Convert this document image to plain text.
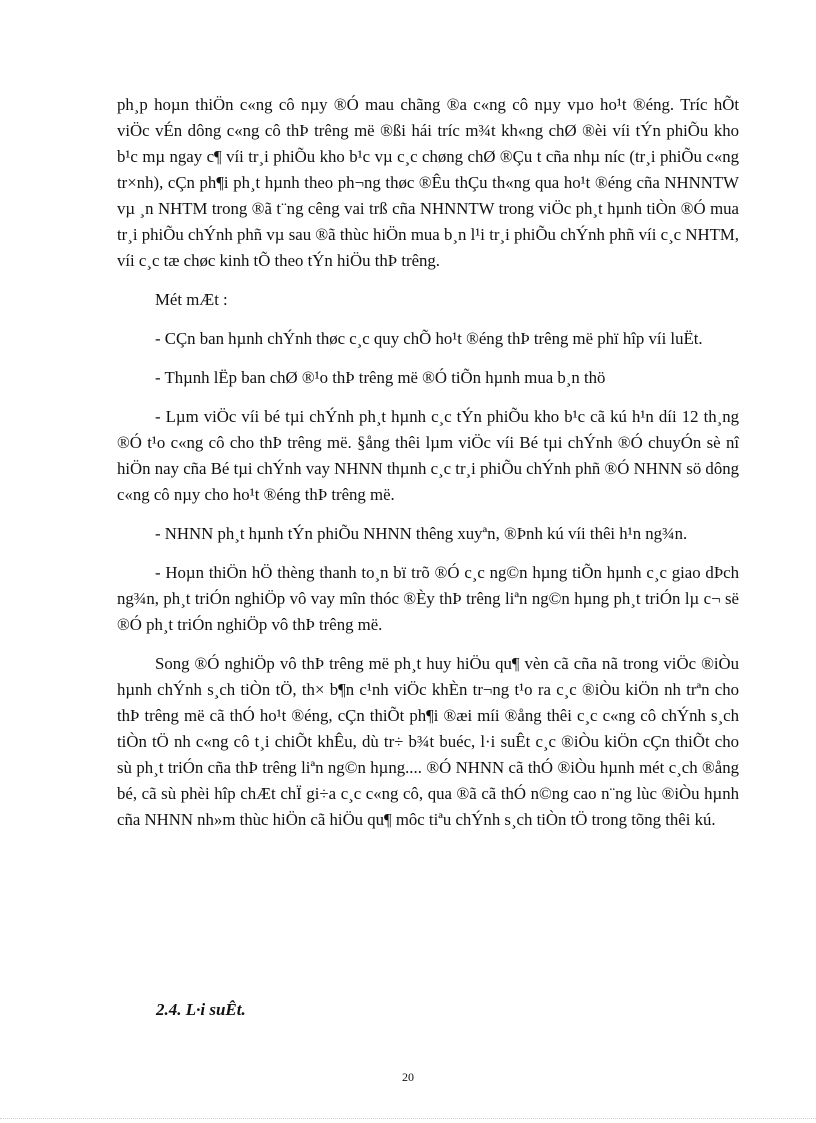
ph¸p hoµn thiÖn c«ng cô nµy ®Ó mau chãng ®a c«ng cô nµy vµo ho¹t ®éng. Tríc hÕt viÖc vÉn dông c«ng cô thÞ trêng më ®ßi hái tríc m¾t kh«ng chØ ®èi víi tÝn phiÕu kho b¹c mµ ngay c¶ víi tr¸i phiÕu kho b¹c vµ c¸c chøng chØ ®Çu t cña nhµ níc (tr¸i phiÕu c«ng tr×nh), cÇn ph¶i ph¸t hµnh theo ph¬ng thøc ®Êu thÇu th«ng qua ho¹t ®éng cña NHNNTW vµ ¸n NHTM trong ®ã t¨ng cêng vai trß cña NHNNTW trong viÖc ph¸t hµnh tiÒn ®Ó mua tr¸i phiÕu chÝnh phñ vµ sau ®ã thùc hiÖn mua b¸n l¹i tr¸i phiÕu chÝnh phñ víi c¸c NHTM, víi c¸c tæ chøc kinh tÕ theo tÝn hiÖu thÞ trêng.

Mét mÆt :

- CÇn ban hµnh chÝnh thøc c¸c quy chÕ ho¹t ®éng thÞ trêng më phï hîp víi luËt.

- Thµnh lËp ban chØ ®¹o thÞ trêng më ®Ó tiÕn hµnh mua b¸n thö

- Lµm viÖc víi bé tµi chÝnh ph¸t hµnh c¸c tÝn phiÕu kho b¹c cã kú h¹n díi 12 th¸ng ®Ó t¹o c«ng cô cho thÞ trêng më. §ång thêi lµm viÖc víi Bé tµi chÝnh ®Ó chuyÓn sè nî hiÖn nay cña Bé tµi chÝnh vay NHNN thµnh c¸c tr¸i phiÕu chÝnh phñ ®Ó NHNN sö dông c«ng cô nµy cho ho¹t ®éng thÞ trêng më.

- NHNN ph¸t hµnh tÝn phiÕu NHNN thêng xuyªn, ®Þnh kú víi thêi h¹n ng¾n.

- Hoµn thiÖn hÖ thèng thanh to¸n bï trõ ®Ó c¸c ng©n hµng tiÕn hµnh c¸c giao dÞch ng¾n, ph¸t triÓn nghiÖp vô vay mîn thóc ®Èy thÞ trêng liªn ng©n hµng ph¸t triÓn lµ c¬ së ®Ó ph¸t triÓn nghiÖp vô thÞ trêng më.

Song ®Ó nghiÖp vô thÞ trêng më ph¸t huy hiÖu qu¶ vèn cã cña nã trong viÖc ®iÒu hµnh chÝnh s¸ch tiÒn tÖ, th× b¶n c¹nh viÖc khÈn tr¬ng t¹o ra c¸c ®iÒu kiÖn nh trªn cho thÞ trêng më cã thÓ ho¹t ®éng, cÇn thiÕt ph¶i ®æi míi ®ång thêi c¸c c«ng cô chÝnh s¸ch tiÒn tÖ nh c«ng cô t¸i chiÕt khÊu, dù tr÷ b¾t buéc, l·i suÊt c¸c ®iÒu kiÖn cÇn thiÕt cho sù ph¸t triÓn cña thÞ trêng liªn ng©n hµng.... ®Ó NHNN cã thÓ ®iÒu hµnh mét c¸ch ®ång bé, cã sù phèi hîp chÆt chÏ gi÷a c¸c c«ng cô, qua ®ã cã thÓ n©ng cao n¨ng lùc ®iÒu hµnh cña NHNN nh»m thùc hiÖn cã hiÖu qu¶ môc tiªu chÝnh s¸ch tiÒn tÖ trong tõng thêi kú.

2.4. L·i suÊt.
20
